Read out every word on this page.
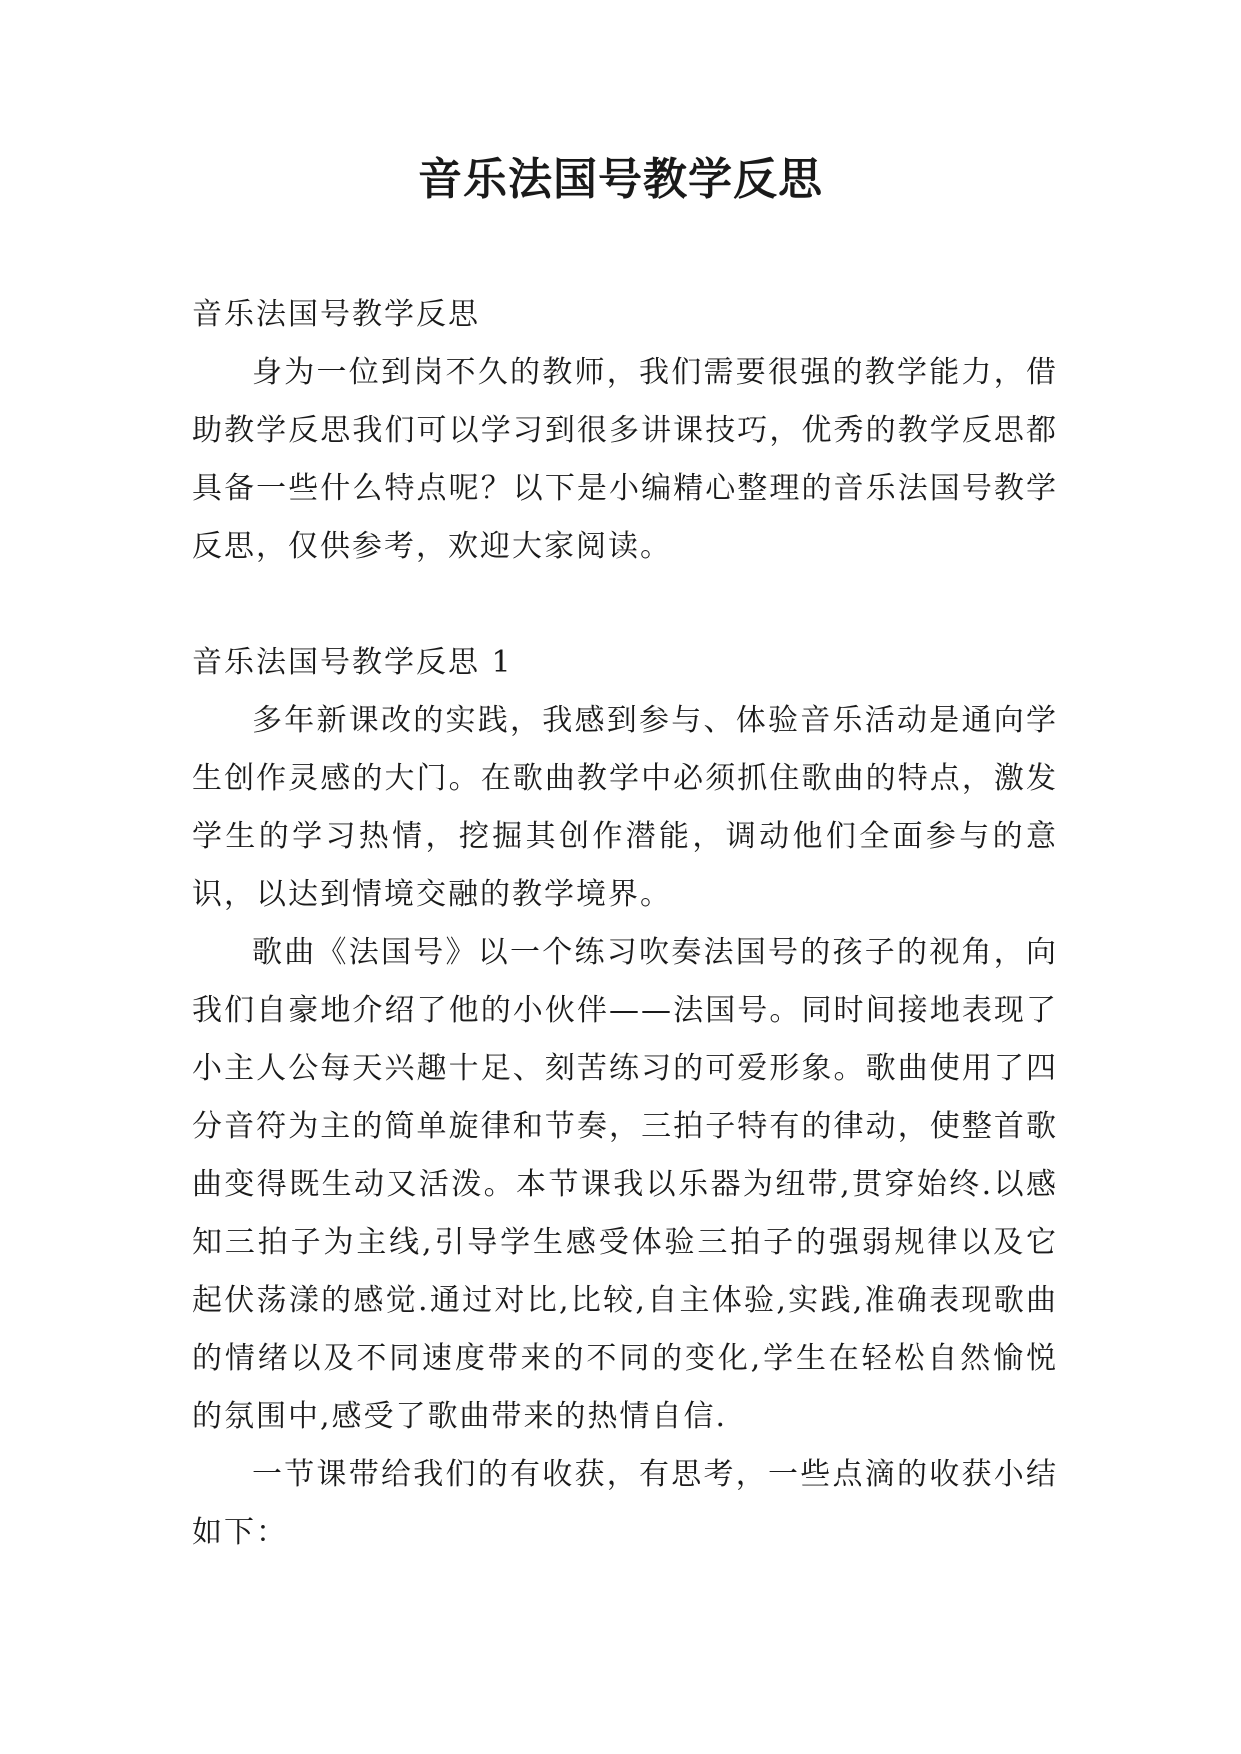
音乐法国号教学反思

音乐法国号教学反思

身为一位到岗不久的教师，我们需要很强的教学能力，借助教学反思我们可以学习到很多讲课技巧，优秀的教学反思都具备一些什么特点呢？以下是小编精心整理的音乐法国号教学反思，仅供参考，欢迎大家阅读。

音乐法国号教学反思 1

多年新课改的实践，我感到参与、体验音乐活动是通向学生创作灵感的大门。在歌曲教学中必须抓住歌曲的特点，激发学生的学习热情，挖掘其创作潜能，调动他们全面参与的意识，以达到情境交融的教学境界。

歌曲《法国号》以一个练习吹奏法国号的孩子的视角，向我们自豪地介绍了他的小伙伴——法国号。同时间接地表现了小主人公每天兴趣十足、刻苦练习的可爱形象。歌曲使用了四分音符为主的简单旋律和节奏，三拍子特有的律动，使整首歌曲变得既生动又活泼。本节课我以乐器为纽带,贯穿始终.以感知三拍子为主线,引导学生感受体验三拍子的强弱规律以及它起伏荡漾的感觉.通过对比,比较,自主体验,实践,准确表现歌曲的情绪以及不同速度带来的不同的变化,学生在轻松自然愉悦的氛围中,感受了歌曲带来的热情自信.

一节课带给我们的有收获，有思考，一些点滴的收获小结如下：
